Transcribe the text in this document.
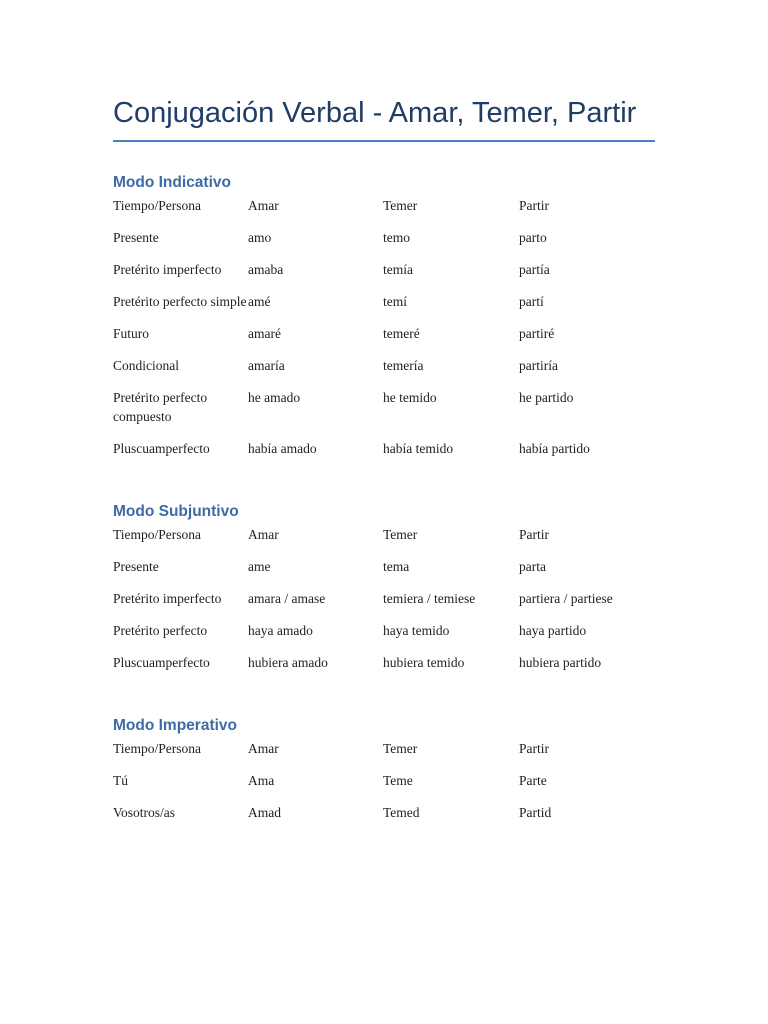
Conjugación Verbal - Amar, Temer, Partir
Modo Indicativo
Tiempo/Persona	Amar	Temer	Partir
Presente	amo	temo	parto
Pretérito imperfecto	amaba	temía	partía
Pretérito perfecto simple	amé	temí	partí
Futuro	amaré	temeré	partiré
Condicional	amaría	temería	partiría
Pretérito perfecto compuesto	he amado	he temido	he partido
Pluscuamperfecto	había amado	había temido	había partido
Modo Subjuntivo
Tiempo/Persona	Amar	Temer	Partir
Presente	ame	tema	parta
Pretérito imperfecto	amara / amase	temiera / temiese	partiera / partiese
Pretérito perfecto	haya amado	haya temido	haya partido
Pluscuamperfecto	hubiera amado	hubiera temido	hubiera partido
Modo Imperativo
Tiempo/Persona	Amar	Temer	Partir
Tú	Ama	Teme	Parte
Vosotros/as	Amad	Temed	Partid
